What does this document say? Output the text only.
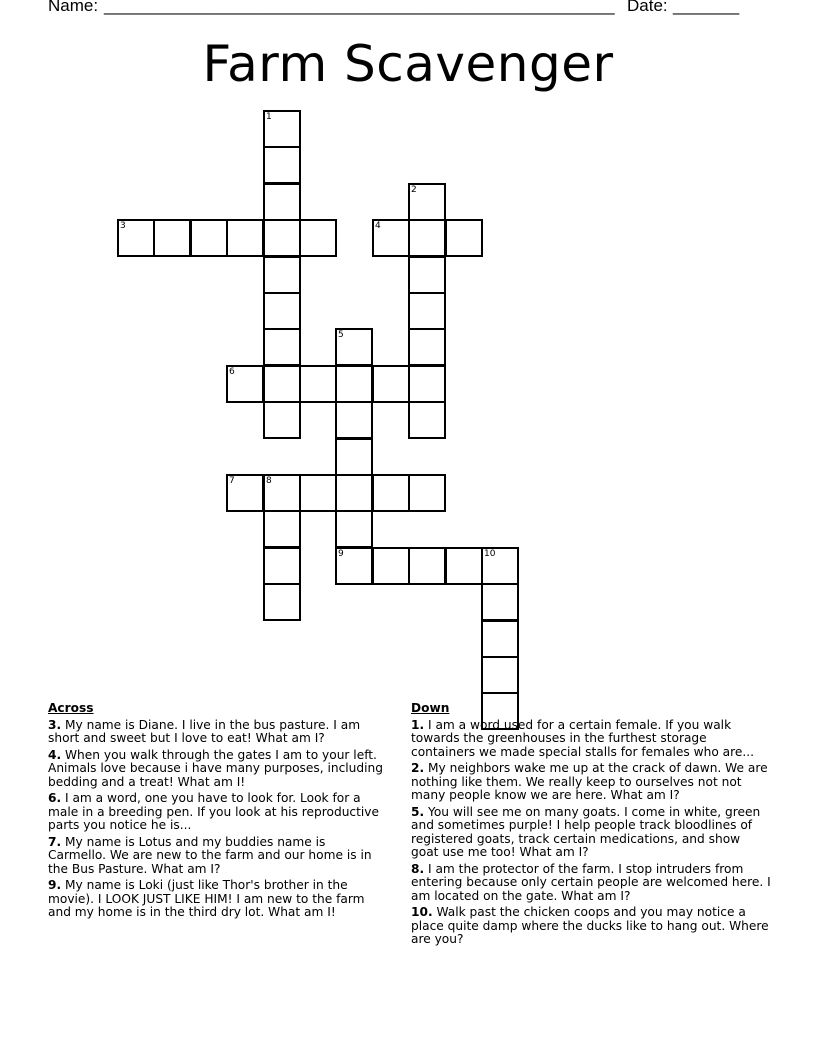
Name: ______________________________________________________ Date: _______
Farm Scavenger
1
2
3	4
5
9
6
7	8
10
Across
3. My name is Diane. I live in the bus pasture. I am short and sweet but I love to eat! What am I?
4. When you walk through the gates I am to your left. Animals love because i have many purposes, including bedding and a treat! What am I!
6. I am a word, one you have to look for. Look for a male in a breeding pen. If you look at his reproductive parts you notice he is...
7. My name is Lotus and my buddies name is Carmello. We are new to the farm and our home is in the Bus Pasture. What am I?
9. My name is Loki (just like Thor's brother in the movie). I LOOK JUST LIKE HIM! I am new to the farm and my home is in the third dry lot. What am I!
Down
1. I am a word used for a certain female. If you walk towards the greenhouses in the furthest storage containers we made special stalls for females who are...
2. My neighbors wake me up at the crack of dawn. We are nothing like them. We really keep to ourselves not not many people know we are here. What am I?
5. You will see me on many goats. I come in white, green and sometimes purple! I help people track bloodlines of registered goats, track certain medications, and show goat use me too! What am I?
8. I am the protector of the farm. I stop intruders from entering because only certain people are welcomed here. I am located on the gate. What am I?
10. Walk past the chicken coops and you may notice a place quite damp where the ducks like to hang out. Where are you?
